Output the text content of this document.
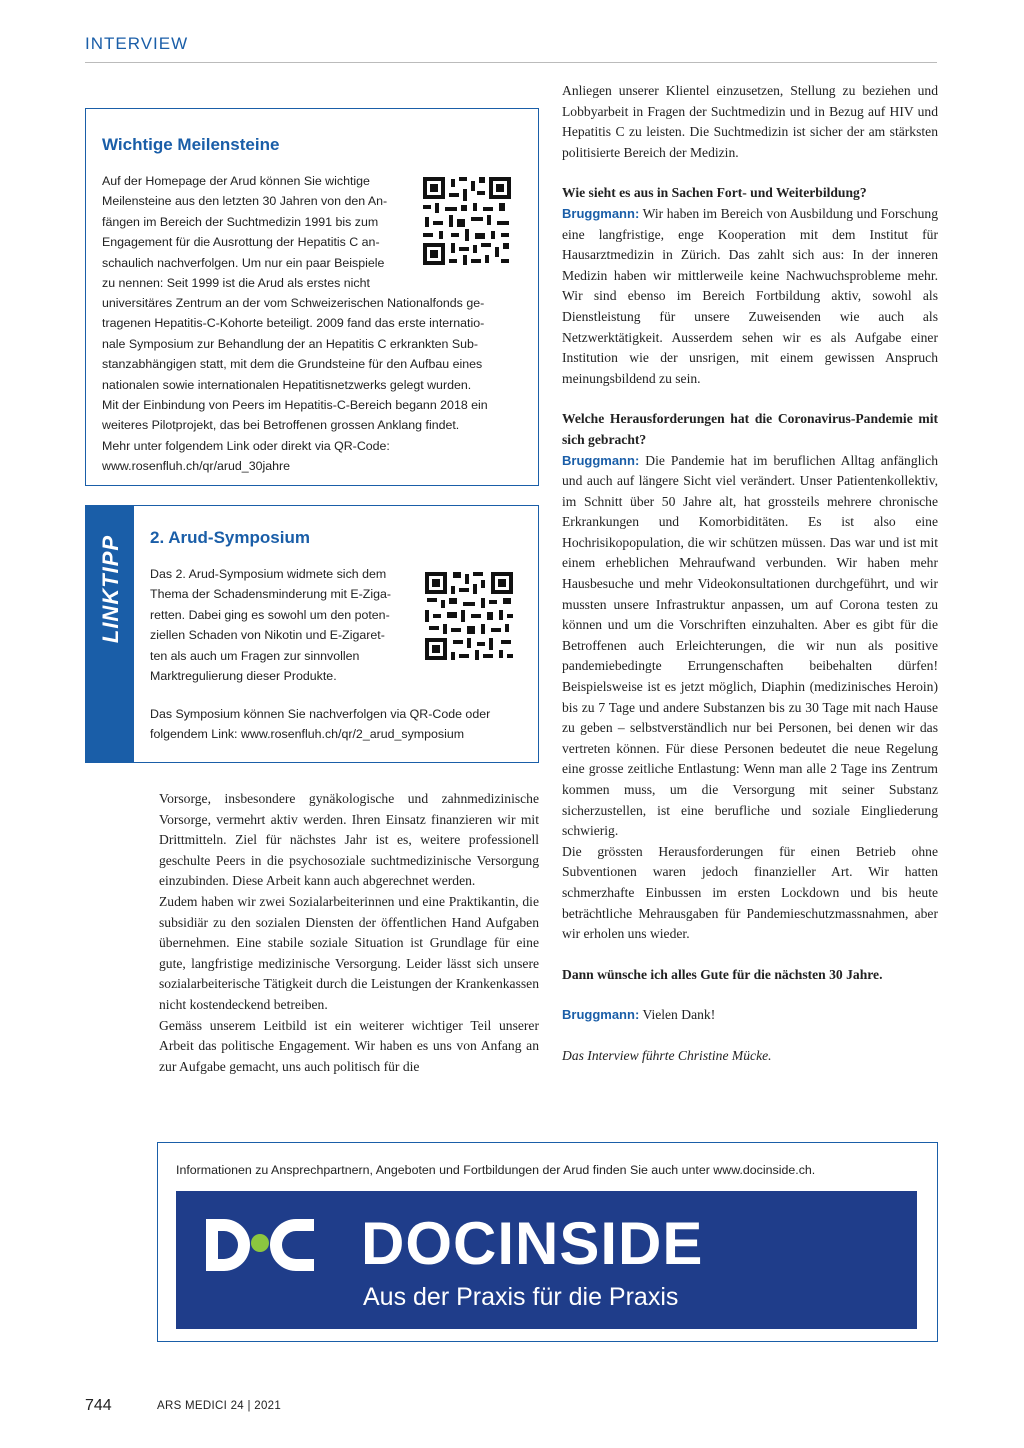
INTERVIEW
Wichtige Meilensteine
Auf der Homepage der Arud können Sie wichtige
Meilensteine aus den letzten 30 Jahren von den An-
fängen im Bereich der Suchtmedizin 1991 bis zum
Engagement für die Ausrottung der Hepatitis C an-
schaulich nachverfolgen. Um nur ein paar Beispiele
zu nennen: Seit 1999 ist die Arud als erstes nicht
universitäres Zentrum an der vom Schweizerischen Nationalfonds ge-
tragenen Hepatitis-C-Kohorte beteiligt. 2009 fand das erste internatio-
nale Symposium zur Behandlung der an Hepatitis C erkrankten Sub-
stanzabhängigen statt, mit dem die Grundsteine für den Aufbau eines
nationalen sowie internationalen Hepatitisnetzwerks gelegt wurden.
Mit der Einbindung von Peers im Hepatitis-C-Bereich begann 2018 ein
weiteres Pilotprojekt, das bei Betroffenen grossen Anklang findet.
Mehr unter folgendem Link oder direkt via QR-Code:
www.rosenfluh.ch/qr/arud_30jahre
LINKTIPP 2. Arud-Symposium
Das 2. Arud-Symposium widmete sich dem
Thema der Schadensminderung mit E-Ziga-
retten. Dabei ging es sowohl um den poten-
ziellen Schaden von Nikotin und E-Zigaret-
ten als auch um Fragen zur sinnvollen
Marktregulierung dieser Produkte.
Das Symposium können Sie nachverfolgen via QR-Code oder
folgendem Link: www.rosenfluh.ch/qr/2_arud_symposium

Vorsorge, insbesondere gynäkologische und zahnmedizinische Vorsorge, vermehrt aktiv werden. Ihren Einsatz finanzieren wir mit Drittmitteln. Ziel für nächstes Jahr ist es, weitere professionell geschulte Peers in die psychosoziale suchtmedizinische Versorgung einzubinden. Diese Arbeit kann auch abgerechnet werden.

Zudem haben wir zwei Sozialarbeiterinnen und eine Praktikantin, die subsidiär zu den sozialen Diensten der öffentlichen Hand Aufgaben übernehmen. Eine stabile soziale Situation ist Grundlage für eine gute, langfristige medizinische Versorgung. Leider lässt sich unsere sozialarbeiterische Tätigkeit durch die Leistungen der Krankenkassen nicht kostendeckend betreiben.

Gemäss unserem Leitbild ist ein weiterer wichtiger Teil unserer Arbeit das politische Engagement. Wir haben es uns von Anfang an zur Aufgabe gemacht, uns auch politisch für die

Anliegen unserer Klientel einzusetzen, Stellung zu beziehen und Lobbyarbeit in Fragen der Suchtmedizin und in Bezug auf HIV und Hepatitis C zu leisten. Die Suchtmedizin ist sicher der am stärksten politisierte Bereich der Medizin.

Wie sieht es aus in Sachen Fort- und Weiterbildung?

Bruggmann: Wir haben im Bereich von Ausbildung und Forschung eine langfristige, enge Kooperation mit dem Institut für Hausarztmedizin in Zürich. Das zahlt sich aus: In der inneren Medizin haben wir mittlerweile keine Nachwuchsprobleme mehr. Wir sind ebenso im Bereich Fortbildung aktiv, sowohl als Dienstleistung für unsere Zuweisenden wie auch als Netzwerktätigkeit. Ausserdem sehen wir es als Aufgabe einer Institution wie der unsrigen, mit einem gewissen Anspruch meinungsbildend zu sein.

Welche Herausforderungen hat die Coronavirus-Pandemie mit sich gebracht?

Bruggmann: Die Pandemie hat im beruflichen Alltag anfänglich und auch auf längere Sicht viel verändert. Unser Patientenkollektiv, im Schnitt über 50 Jahre alt, hat grossteils mehrere chronische Erkrankungen und Komorbiditäten. Es ist also eine Hochrisikopopulation, die wir schützen müssen. Das war und ist mit einem erheblichen Mehraufwand verbunden. Wir haben mehr Hausbesuche und mehr Videokonsultationen durchgeführt, und wir mussten unsere Infrastruktur anpassen, um auf Corona testen zu können und um die Vorschriften einzuhalten. Aber es gibt für die Betroffenen auch Erleichterungen, die wir nun als positive pandemiebedingte Errungenschaften beibehalten dürfen! Beispielsweise ist es jetzt möglich, Diaphin (medizinisches Heroin) bis zu 7 Tage und andere Substanzen bis zu 30 Tage mit nach Hause zu geben – selbstverständlich nur bei Personen, bei denen wir das vertreten können. Für diese Personen bedeutet die neue Regelung eine grosse zeitliche Entlastung: Wenn man alle 2 Tage ins Zentrum kommen muss, um die Versorgung mit seiner Substanz sicherzustellen, ist eine berufliche und soziale Eingliederung schwierig.

Die grössten Herausforderungen für einen Betrieb ohne Subventionen waren jedoch finanzieller Art. Wir hatten schmerzhafte Einbussen im ersten Lockdown und bis heute beträchtliche Mehrausgaben für Pandemieschutzmassnahmen, aber wir erholen uns wieder.

Dann wünsche ich alles Gute für die nächsten 30 Jahre.

Bruggmann: Vielen Dank!

Das Interview führte Christine Mücke.

Informationen zu Ansprechpartnern, Angeboten und Fortbildungen der Arud finden Sie auch unter www.docinside.ch.
DOCINSIDE
Aus der Praxis für die Praxis
744	ARS MEDICI 24 | 2021
